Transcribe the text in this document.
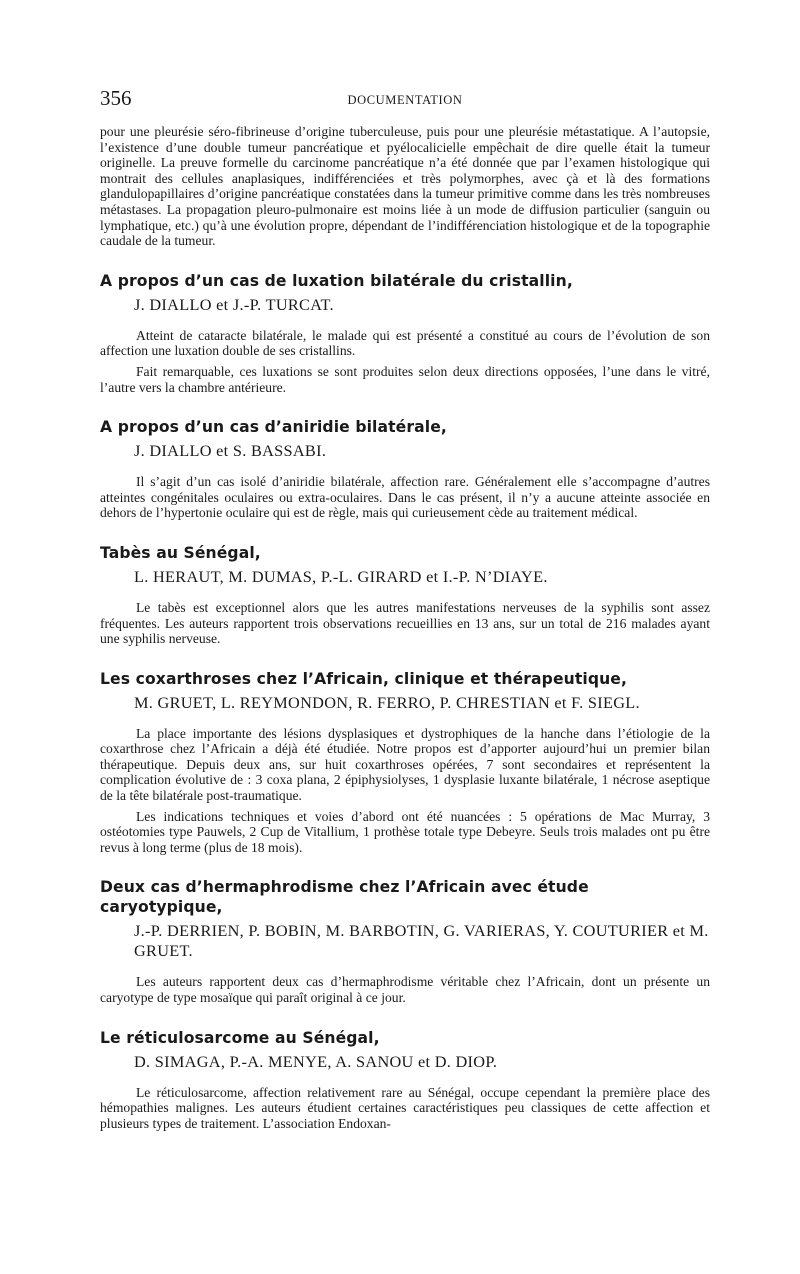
356	DOCUMENTATION

pour une pleurésie séro-fibrineuse d’origine tuberculeuse, puis pour une pleurésie métastatique. A l’autopsie, l’existence d’une double tumeur pancréatique et pyélocalicielle empêchait de dire quelle était la tumeur originelle. La preuve formelle du carcinome pancréatique n’a été donnée que par l’examen histologique qui montrait des cellules anaplasiques, indifférenciées et très polymorphes, avec çà et là des formations glandulopapillaires d’origine pancréatique constatées dans la tumeur primitive comme dans les très nombreuses métastases. La propagation pleuro-pulmonaire est moins liée à un mode de diffusion particulier (sanguin ou lymphatique, etc.) qu’à une évolution propre, dépendant de l’indifférenciation histologique et de la topographie caudale de la tumeur.

A propos d’un cas de luxation bilatérale du cristallin,
J. DIALLO et J.-P. TURCAT.

Atteint de cataracte bilatérale, le malade qui est présenté a constitué au cours de l’évolution de son affection une luxation double de ses cristallins.

Fait remarquable, ces luxations se sont produites selon deux directions opposées, l’une dans le vitré, l’autre vers la chambre antérieure.

A propos d’un cas d’aniridie bilatérale,
J. DIALLO et S. BASSABI.

Il s’agit d’un cas isolé d’aniridie bilatérale, affection rare. Généralement elle s’accompagne d’autres atteintes congénitales oculaires ou extra-oculaires. Dans le cas présent, il n’y a aucune atteinte associée en dehors de l’hypertonie oculaire qui est de règle, mais qui curieusement cède au traitement médical.

Tabès au Sénégal,
L. HERAUT, M. DUMAS, P.-L. GIRARD et I.-P. N’DIAYE.

Le tabès est exceptionnel alors que les autres manifestations nerveuses de la syphilis sont assez fréquentes. Les auteurs rapportent trois observations recueillies en 13 ans, sur un total de 216 malades ayant une syphilis nerveuse.

Les coxarthroses chez l’Africain, clinique et thérapeutique,
M. GRUET, L. REYMONDON, R. FERRO, P. CHRESTIAN et F. SIEGL.

La place importante des lésions dysplasiques et dystrophiques de la hanche dans l’étiologie de la coxarthrose chez l’Africain a déjà été étudiée. Notre propos est d’apporter aujourd’hui un premier bilan thérapeutique. Depuis deux ans, sur huit coxarthroses opérées, 7 sont secondaires et représentent la complication évolutive de : 3 coxa plana, 2 épiphysiolyses, 1 dysplasie luxante bilatérale, 1 nécrose aseptique de la tête bilatérale post-traumatique.

Les indications techniques et voies d’abord ont été nuancées : 5 opérations de Mac Murray, 3 ostéotomies type Pauwels, 2 Cup de Vitallium, 1 prothèse totale type Debeyre. Seuls trois malades ont pu être revus à long terme (plus de 18 mois).

Deux cas d’hermaphrodisme chez l’Africain avec étude caryotypique,
J.-P. DERRIEN, P. BOBIN, M. BARBOTIN, G. VARIERAS, Y. COUTURIER et M. GRUET.

Les auteurs rapportent deux cas d’hermaphrodisme véritable chez l’Africain, dont un présente un caryotype de type mosaïque qui paraît original à ce jour.

Le réticulosarcome au Sénégal,
D. SIMAGA, P.-A. MENYE, A. SANOU et D. DIOP.

Le réticulosarcome, affection relativement rare au Sénégal, occupe cependant la première place des hémopathies malignes. Les auteurs étudient certaines caractéristiques peu classiques de cette affection et plusieurs types de traitement. L’association Endoxan-
